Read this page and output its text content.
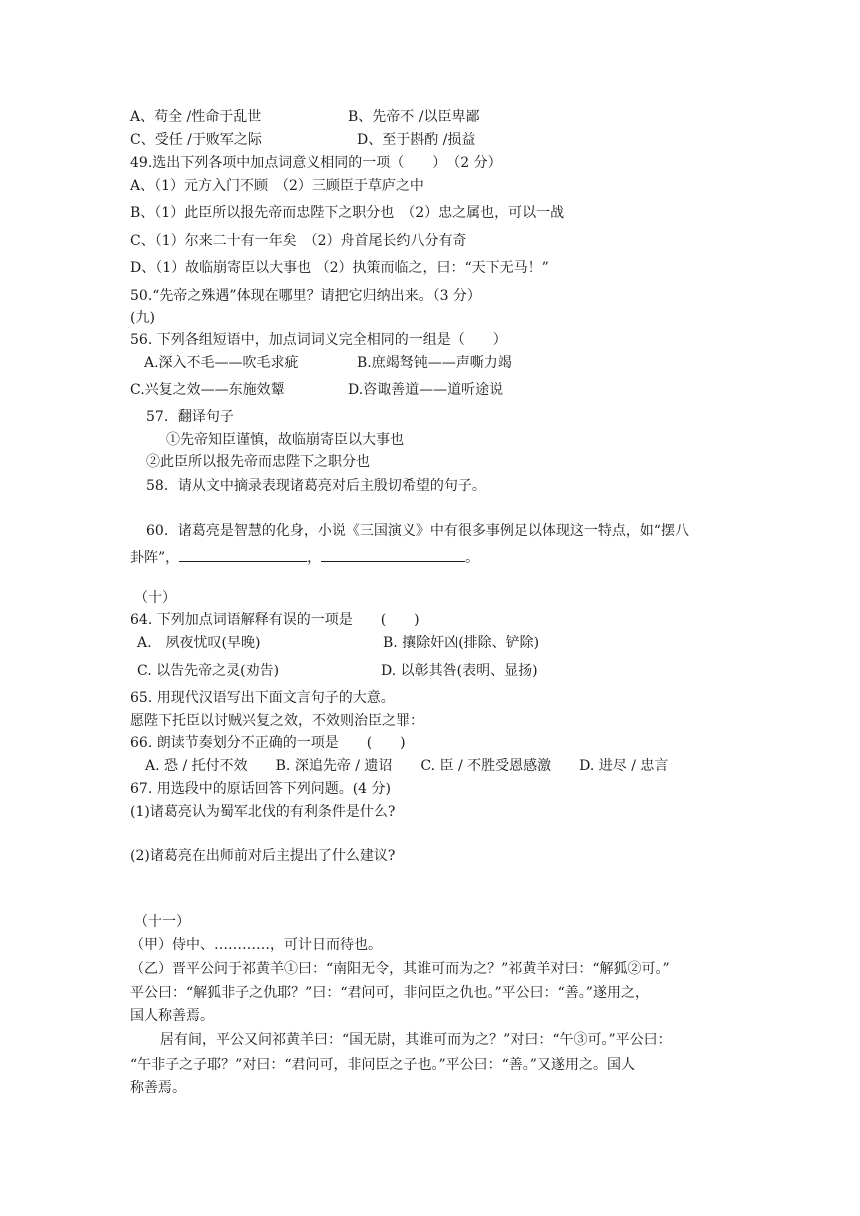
A、苟全 /性命于乱世	B、先帝不 /以臣卑鄙
C、受任 /于败军之际	D、至于斟酌 /损益
49.选出下列各项中加点词意义相同的一项（　　）　（2 分）
A、（1）元方入门不顾　（2）三顾臣于草庐之中
B、（1）此臣所以报先帝而忠陛下之职分也　（2）忠之属也，可以一战
C、（1）尔来二十有一年矣　（2）舟首尾长约八分有奇
D、（1）故临崩寄臣以大事也 （2）执策而临之，曰：“天下无马！”
50.“先帝之殊遇”体现在哪里？请把它归纳出来。（3 分）
(九)
56. 下列各组短语中，加点词词义完全相同的一组是（　　）
A.深入不毛——吹毛求疵	B.庶竭驽钝——声嘶力竭
C.兴复之效——东施效颦	D.咨诹善道——道听途说
57．翻译句子
①先帝知臣谨慎，故临崩寄臣以大事也
②此臣所以报先帝而忠陛下之职分也
58．请从文中摘录表现诸葛亮对后主殷切希望的句子。
60．诸葛亮是智慧的化身，小说《三国演义》中有很多事例足以体现这一特点，如“摆八
卦阵”，	，	。
（十）
64. 下列加点词语解释有误的一项是　　(　　)
A.　夙夜忧叹(早晚)	B. 攘除奸凶(排除、铲除)
C. 以告先帝之灵(劝告)	D. 以彰其咎(表明、显扬)
65. 用现代汉语写出下面文言句子的大意。
愿陛下托臣以讨贼兴复之效，不效则治臣之罪：
66. 朗读节奏划分不正确的一项是　　(　　)
A. 恐 / 托付不效　　B. 深追先帝 / 遗诏　　C. 臣 / 不胜受恩感激　　D. 进尽 / 忠言
67. 用选段中的原话回答下列问题。(4 分)
(1)诸葛亮认为蜀军北伐的有利条件是什么?
(2)诸葛亮在出师前对后主提出了什么建议?
（十一）
（甲）侍中、…………，可计日而待也。
（乙）晋平公问于祁黄羊①曰：“南阳无令，其谁可而为之？”祁黄羊对曰：“解狐②可。”
平公曰：“解狐非子之仇耶？”曰：“君问可，非问臣之仇也。”平公曰：“善。”遂用之，
国人称善焉。
居有间，平公又问祁黄羊曰：“国无尉，其谁可而为之？”对曰：“午③可。”平公曰：
“午非子之子耶？”对曰：“君问可，非问臣之子也。”平公曰：“善。”又遂用之。国人
称善焉。
